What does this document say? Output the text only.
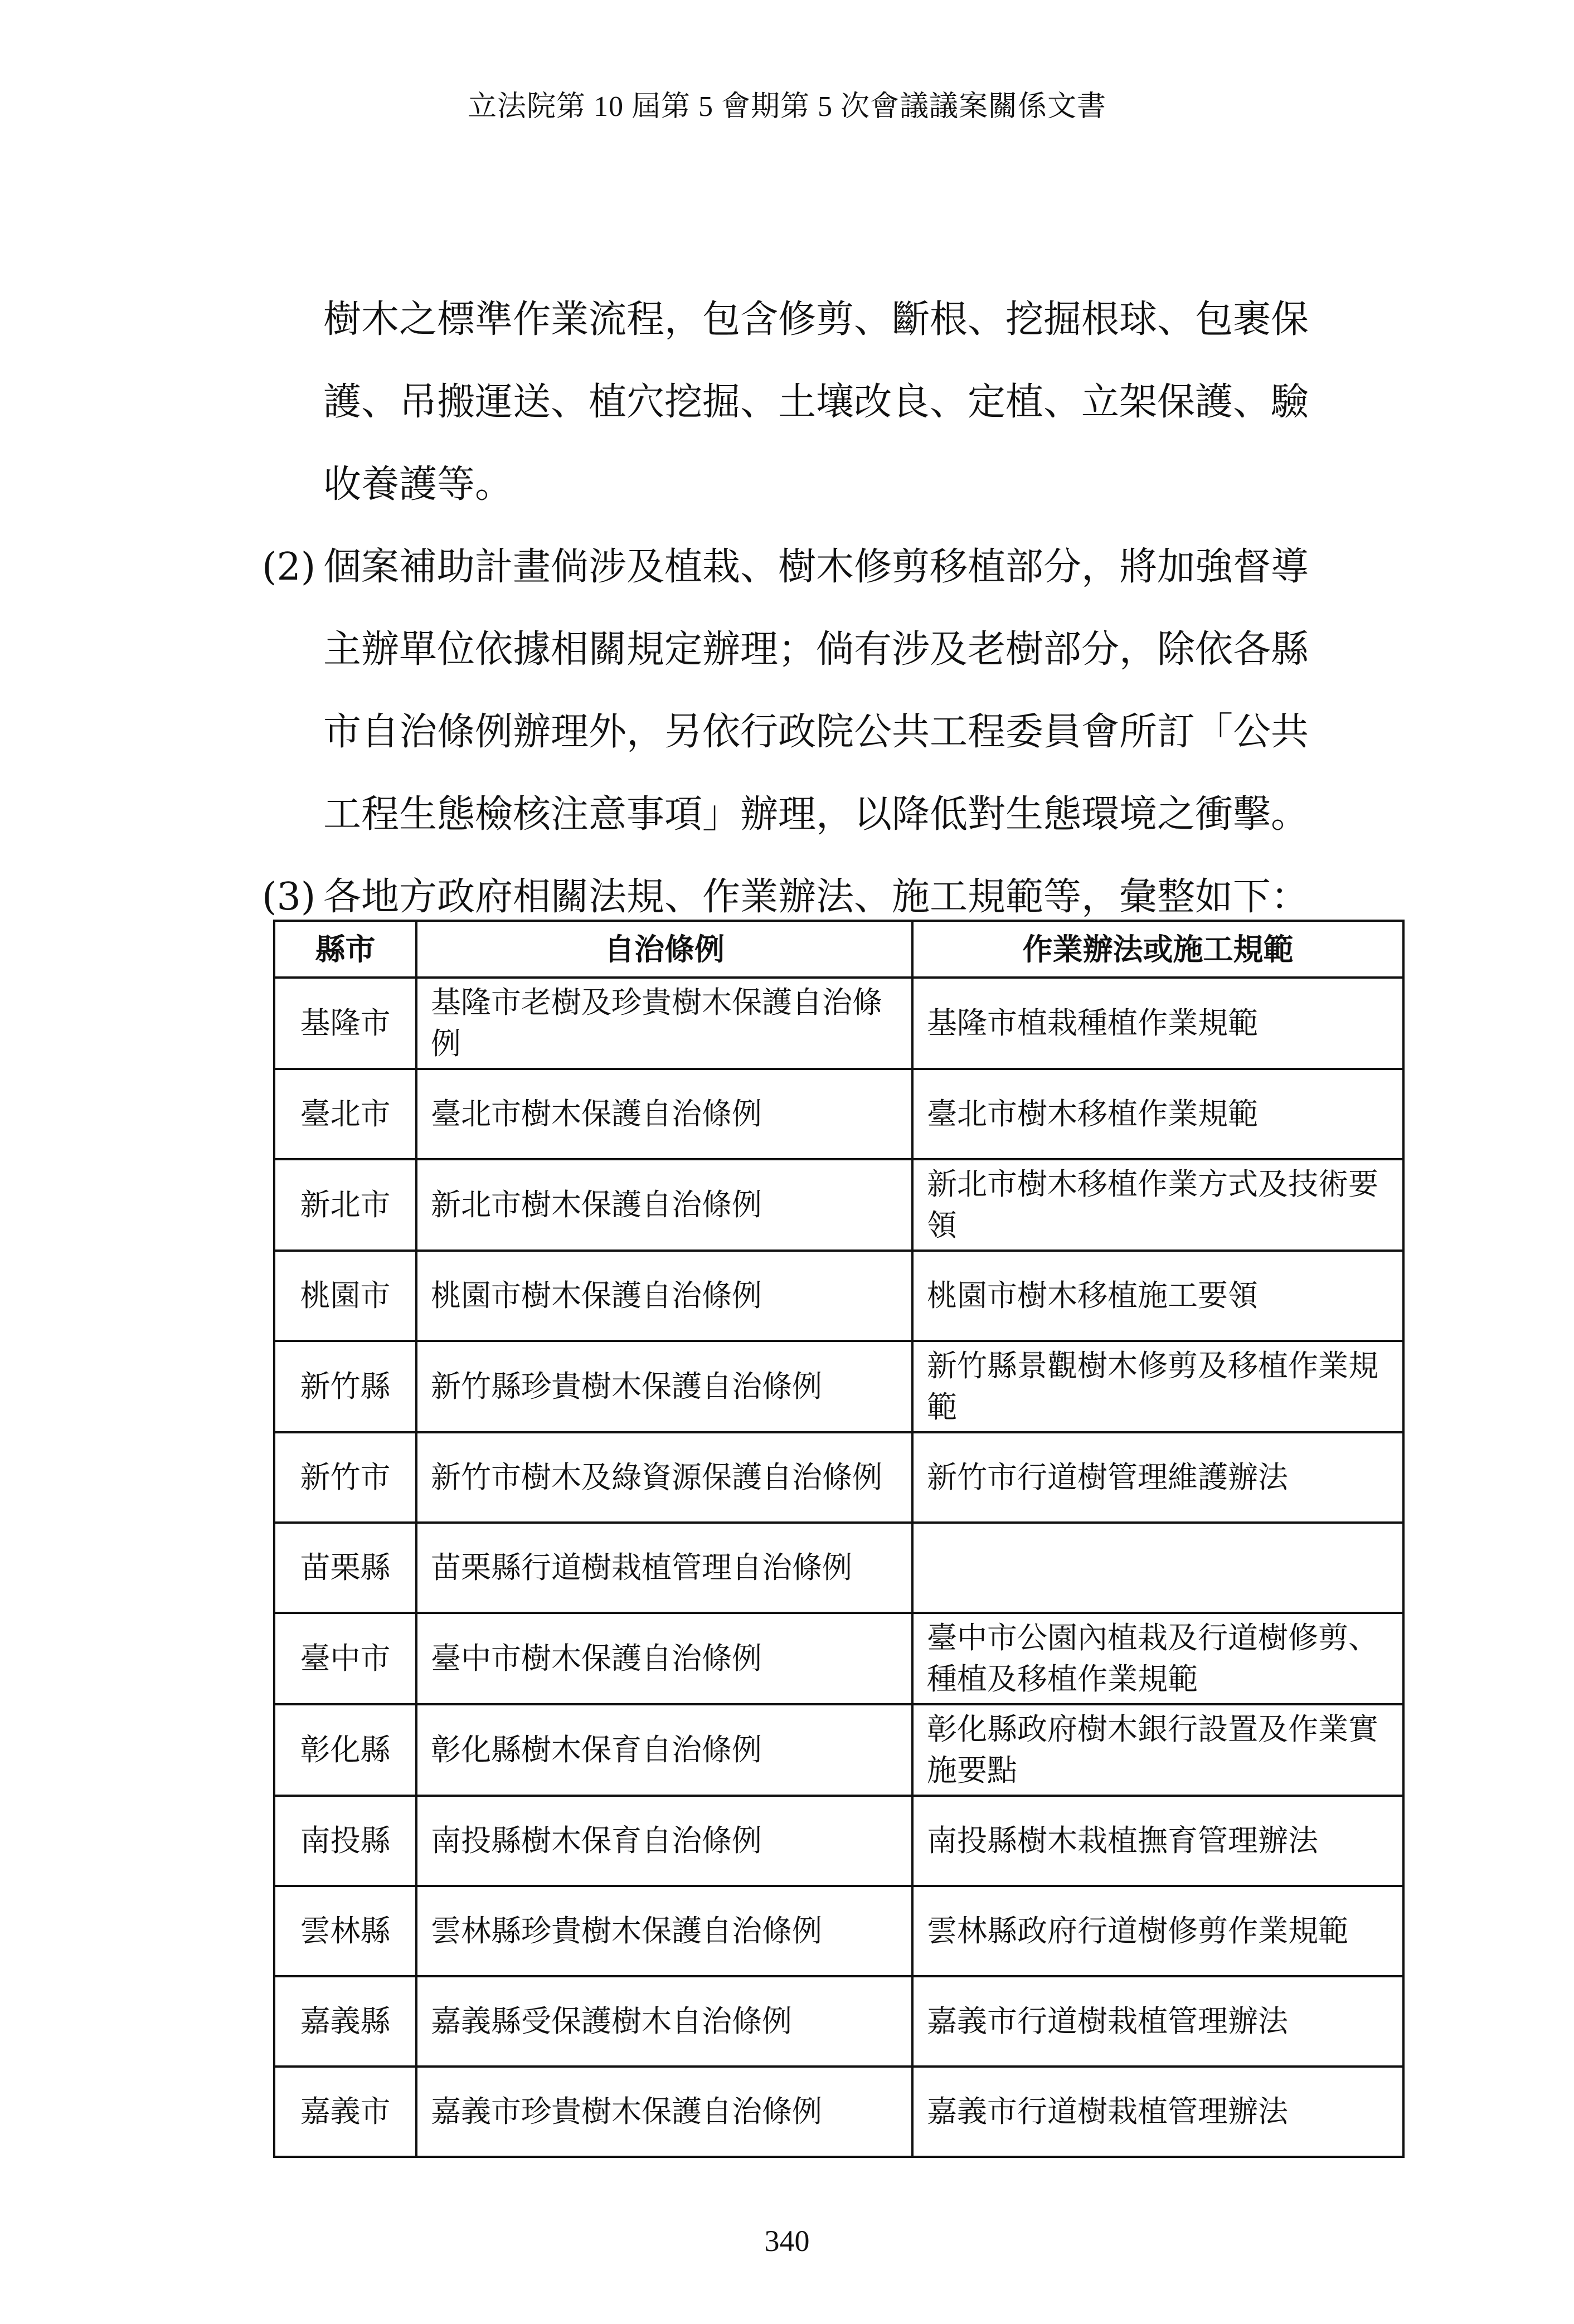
立法院第 10 屆第 5 會期第 5 次會議議案關係文書
樹木之標準作業流程，包含修剪、斷根、挖掘根球、包裹保
護、吊搬運送、植穴挖掘、土壤改良、定植、立架保護、驗
收養護等。
(2) 個案補助計畫倘涉及植栽、樹木修剪移植部分，將加強督導
主辦單位依據相關規定辦理；倘有涉及老樹部分，除依各縣
市自治條例辦理外，另依行政院公共工程委員會所訂「公共
工程生態檢核注意事項」辦理，以降低對生態環境之衝擊。
(3) 各地方政府相關法規、作業辦法、施工規範等，彙整如下：
縣市	自治條例	作業辦法或施工規範
基隆市	基隆市老樹及珍貴樹木保護自治條例	基隆市植栽種植作業規範
臺北市	臺北市樹木保護自治條例	臺北市樹木移植作業規範
新北市	新北市樹木保護自治條例	新北市樹木移植作業方式及技術要領
桃園市	桃園市樹木保護自治條例	桃園市樹木移植施工要領
新竹縣	新竹縣珍貴樹木保護自治條例	新竹縣景觀樹木修剪及移植作業規範
新竹市	新竹市樹木及綠資源保護自治條例	新竹市行道樹管理維護辦法
苗栗縣	苗栗縣行道樹栽植管理自治條例	
臺中市	臺中市樹木保護自治條例	臺中市公園內植栽及行道樹修剪、種植及移植作業規範
彰化縣	彰化縣樹木保育自治條例	彰化縣政府樹木銀行設置及作業實施要點
南投縣	南投縣樹木保育自治條例	南投縣樹木栽植撫育管理辦法
雲林縣	雲林縣珍貴樹木保護自治條例	雲林縣政府行道樹修剪作業規範
嘉義縣	嘉義縣受保護樹木自治條例	嘉義市行道樹栽植管理辦法
嘉義市	嘉義市珍貴樹木保護自治條例	嘉義市行道樹栽植管理辦法
340
